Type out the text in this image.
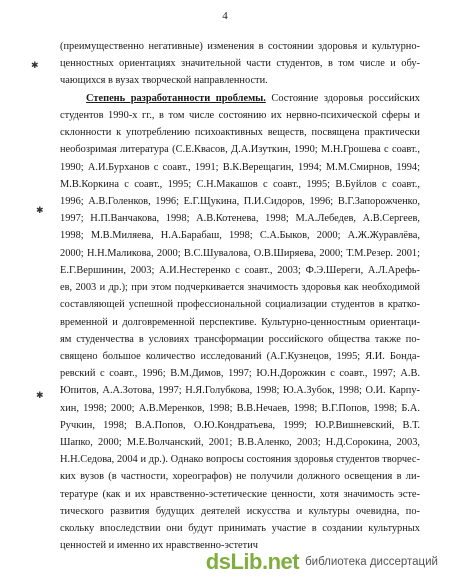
4
✱
✱
✱
(преимущественно негативные) изменения в состоянии здоровья и культурно-
ценностных ориентациях значительной части студентов, в том числе и обу-
чающихся в вузах творческой направленности.
Степень разработанности проблемы. Состояние здоровья российских
студентов 1990-х гг., в том числе состоянию их нервно-психической сферы и
склонности к употреблению психоактивных веществ, посвящена практически
необозримая литература (С.Е.Квасов, Д.А.Изуткин, 1990; М.Н.Грошева с соавт.,
1990; А.И.Бурханов с соавт., 1991; В.К.Верещагин, 1994; М.М.Смирнов, 1994;
М.В.Коркина с соавт., 1995; С.Н.Макашов с соавт., 1995; В.Буйлов с соавт.,
1996; А.В.Голенков, 1996; Е.Г.Щукина, П.И.Сидоров, 1996; В.Г.Запорожченко,
1997; Н.П.Ванчакова, 1998; А.В.Котенева, 1998; М.А.Лебедев, А.В.Сергеев,
1998; М.В.Миляева, Н.А.Барабаш, 1998; С.А.Быков, 2000; А.Ж.Журавлёва,
2000; Н.Н.Маликова, 2000; В.С.Шувалова, О.В.Ширяева, 2000; Т.М.Резер. 2001;
Е.Г.Вершинин, 2003; А.И.Нестеренко с соавт., 2003; Ф.Э.Шереги, А.Л.Арефь-
ев, 2003 и др.); при этом подчеркивается значимость здоровья как необходимой
составляющей успешной профессиональной социализации студентов в кратко-
временной и долговременной перспективе. Культурно-ценностным ориентаци-
ям студенчества в условиях трансформации российского общества также по-
священо большое количество исследований (А.Г.Кузнецов, 1995; Я.И. Бонда-
ревский с соавт., 1996; В.М.Димов, 1997; Ю.Н.Дорожкин с соавт., 1997; А.В.
Юпитов, А.А.Зотова, 1997; Н.Я.Голубкова, 1998; Ю.А.Зубок, 1998; О.И. Карпу-
хин, 1998; 2000; А.В.Меренков, 1998; В.В.Нечаев, 1998; В.Г.Попов, 1998; Б.А.
Ручкин, 1998; В.А.Попов, О.Ю.Кондратьева, 1999; Ю.Р.Вишневский, В.Т.
Шапко, 2000; М.Е.Волчанский, 2001; В.В.Аленко, 2003; Н.Д.Сорокина, 2003,
Н.Н.Седова, 2004 и др.). Однако вопросы состояния здоровья студентов творчес-
ких вузов (в частности, хореографов) не получили должного освещения в ли-
тературе (как и их нравственно-эстетические ценности, хотя значимость эсте-
тического развития будущих деятелей искусства и культуры очевидна, по-
скольку впоследствии они будут принимать участие в создании культурных
ценностей и именно их нравственно-эстетич
dsLib.net библиотека диссертаций
